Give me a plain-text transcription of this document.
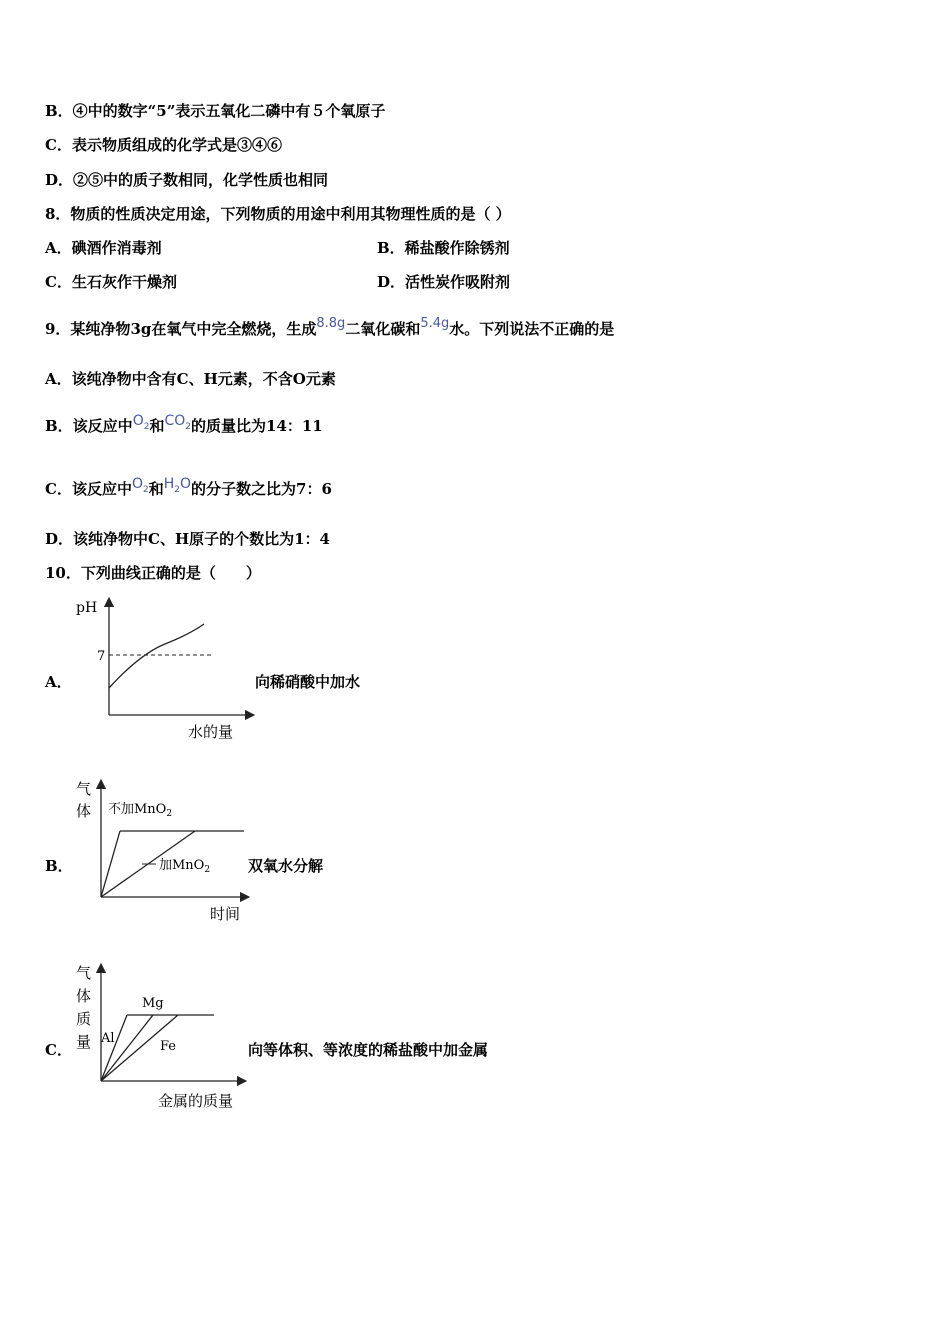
B．④中的数字“5”表示五氧化二磷中有５个氧原子
C．表示物质组成的化学式是③④⑥
D．②⑤中的质子数相同，化学性质也相同
8．物质的性质决定用途，下列物质的用途中利用其物理性质的是（ ）
A．碘酒作消毒剂	B．稀盐酸作除锈剂
C．生石灰作干燥剂	D．活性炭作吸附剂
9．某纯净物3g在氧气中完全燃烧，生成8.8g二氧化碳和5.4g水。下列说法不正确的是
A．该纯净物中含有C、H元素，不含O元素
B．该反应中$O_2$和$CO_2$的质量比为14：11
C．该反应中$O_2$和$H_2O$的分子数之比为7：6
D．该纯净物中C、H原子的个数比为1：4
10．下列曲线正确的是（　　）
A．
pH
7
水的量
向稀硝酸中加水
B．
气
体 不加MnO$_2$
加MnO$_2$
时间
双氧水分解
C．
气
体
质
量
Mg
Al
Fe
金属的质量
向等体积、等浓度的稀盐酸中加金属
